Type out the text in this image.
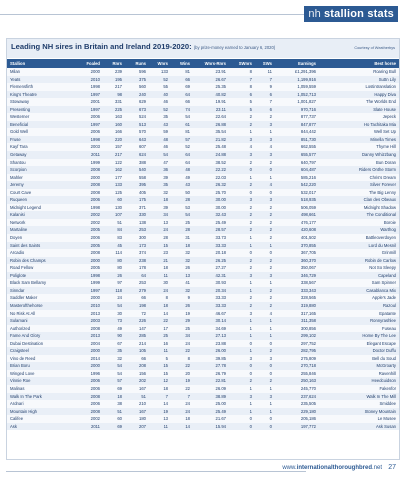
nh stallion stats
Leading NH sires in Britain and Ireland 2019-2020: (by prize-money earned to January 6, 2020)	Courtesy of Weatherbys
Stallion	Foaled	Rnrs	Runs	Wnrs	Wins	Wnrs-Rnrs	SWnrs	SWs	Earnings	Best horse
Milan	2000	239	596	133	81	23.91	8	11	£1,291,396	Roaring Bull
Yeats	2010	195	375	52	66	26.67	7	7	1,199,916	Suttn Lily
Flemensfirth	1998	217	560	55	69	25.35	8	9	1,059,559	Lostintranslation
King's Theatre	1997	98	240	40	64	40.82	6	6	1,052,713	Happy Diva
Stowaway	2001	331	629	46	66	19.91	5	7	1,001,827	The Worlds End
Presenting	1997	225	673	52	74	23.11	5	6	970,716	Slate House
Westerner	2006	163	524	35	54	22.64	2	2	877,737	Jepeck
Beneficial	1997	160	513	43	61	26.88	2	3	847,877	Ho Tachitaka Mia
Gold Well	2006	166	570	59	81	35.54	1	1	844,442	Well Set Up
Fruse	1998	220	643	48	57	21.82	3	3	851,730	Minella Times
Kayf Tara	2003	157	607	46	52	25.48	4	4	662,555	Thyme Hill
Getaway	2011	217	624	54	64	24.88	3	3	655,577	Danny Whizzbang
Shantou	1999	122	388	47	64	38.52	2	2	640,797	Bun Doran
Scorpion	2008	162	540	36	48	22.22	0	0	604,487	Riders Onthe Storm
Mahler	2000	177	558	39	49	22.03	1	1	585,216	Chris's Dream
Jeremy	2008	133	395	35	43	26.32	2	4	542,220	Silver Forever
Court Cave	2008	125	405	32	50	25.70	0	0	532,017	The Big Lenny
Ruqueen	2006	60	175	18	28	30.00	3	3	518,935	Clan des Obeaux
Midnight Legend	1998	130	371	39	53	30.00	2	2	506,059	Midnight Shadow
Kalanisi	2002	107	330	34	54	32.43	2	2	498,661	The Conditional
Network	2002	51	138	13	25	25.49	2	2	476,177	Boroie
Martaline	2005	84	253	24	28	28.57	2	2	420,608	Warthog
Doyen	2006	83	300	28	31	33.73	1	2	401,502	Battleoverdoyen
Saint des Saints	2005	45	173	15	18	33.33	1	1	370,855	Lord du Mesnil
Arcadio	2008	114	374	23	32	20.18	0	0	367,705	Grinmill
Robin des Champs	2000	80	238	21	32	26.25	2	2	360,370	Robin de Carlow
Road Fellow	2005	80	178	18	26	27.27	2	2	350,067	Not So Sleepy
Poliglote	1998	26	64	11	13	42.31	3	3	346,729	Capeland
Black Sam Bellamy	1999	97	253	30	41	30.93	1	1	338,567	Sam Spinner
Sinndar	1997	118	279	24	32	20.34	1	2	333,343	Casablanca Mix
Saddler Maker	2000	24	66	8	9	33.33	2	2	328,565	Apple's Jade
Masterofthehorse	2010	54	198	18	26	33.33	2	2	319,880	Razoul
No Risk At All	2013	30	72	14	19	46.67	3	4	317,165	Epatante
Sulamani	2003	73	226	22	29	30.14	1	1	311,358	Ronnyrashlee
Authorized	2008	49	147	17	25	34.69	1	1	300,856	Fuseau
Fame And Glory	2013	90	285	25	34	27.13	1	1	299,102	Home By The Lee
Dubai Destination	2004	67	214	16	24	23.88	0	0	297,752	Elegant Escape
Craigsteel	2000	35	105	11	22	26.00	1	2	282,795	Doctor Duffu
Vino de Reed	2014	32	66	5	8	39.85	3	3	275,809	Bell du Soud
Brian Boru	2000	54	208	15	22	27.78	0	0	270,718	McGroarty
Winged Love	1996	54	156	15	20	26.79	0	0	255,846	Ravenhill
Vinnie Roe	2006	57	202	12	19	22.81	2	2	250,163	Heedcuidson
Malinas	2006	69	167	18	22	26.09	1	1	245,770	Fakenfor
Walk In The Park	2008	18	51	7	7	38.89	3	3	237,624	Walk In The Mill
Ardnari	2006	38	210	14	24	25.00	1	1	235,505	Smiddee
Mountain High	2008	51	167	19	24	25.49	1	1	229,180	Stoney Mountain
Califee	2002	60	180	13	18	21.67	0	0	205,186	Le Musee
Ask	2011	69	207	11	14	15.94	0	0	197,772	Ask Susan
www.internationalthoroughbred.net 27
